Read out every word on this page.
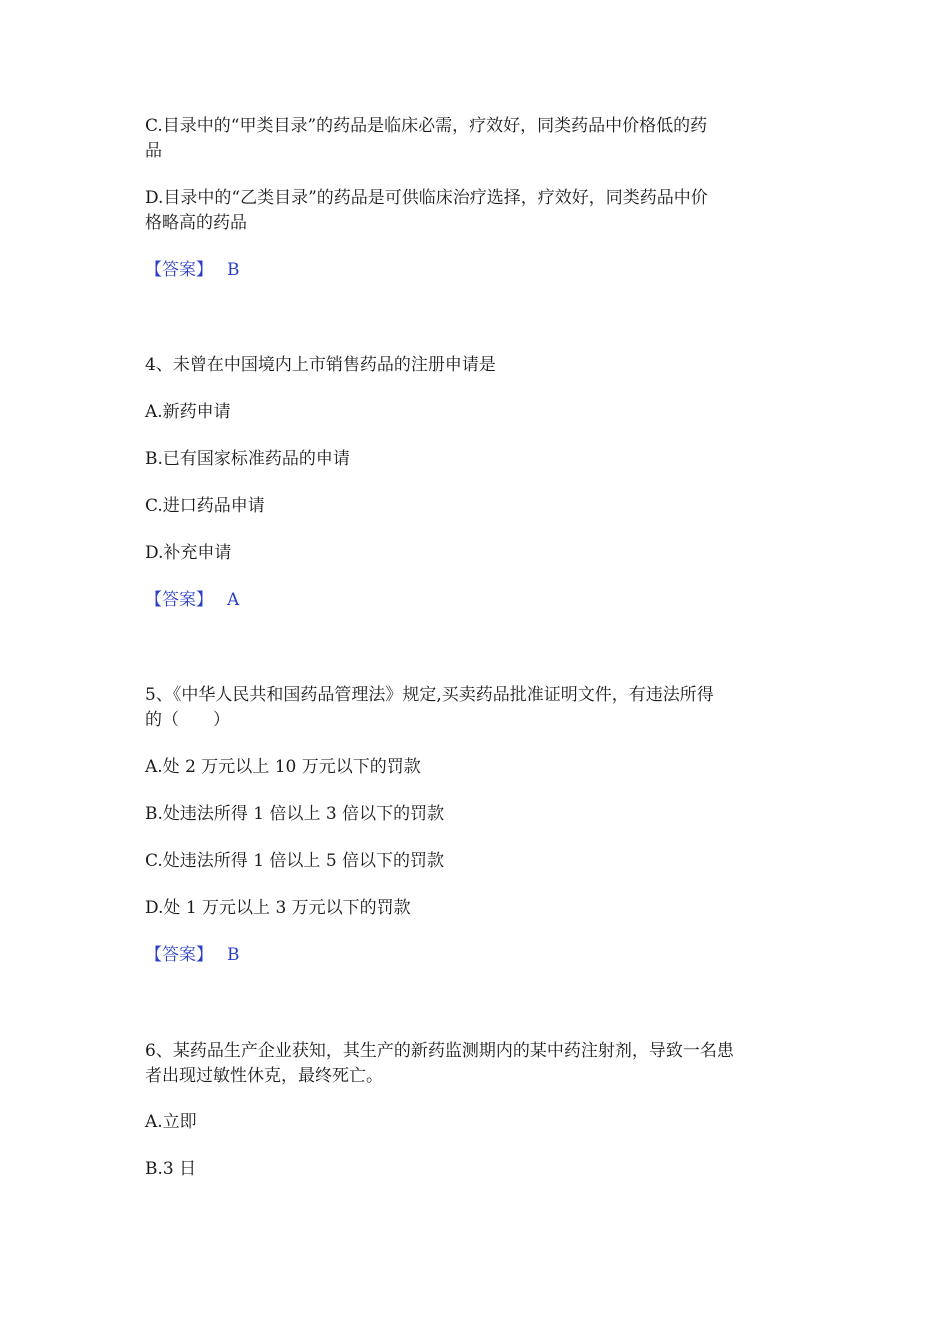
C.目录中的“甲类目录”的药品是临床必需，疗效好，同类药品中价格低的药
品
D.目录中的“乙类目录”的药品是可供临床治疗选择，疗效好，同类药品中价
格略高的药品
【答案】 B
4、未曾在中国境内上市销售药品的注册申请是
A.新药申请
B.已有国家标准药品的申请
C.进口药品申请
D.补充申请
【答案】 A
5、《中华人民共和国药品管理法》规定,买卖药品批准证明文件，有违法所得
的（　　）
A.处 2 万元以上 10 万元以下的罚款
B.处违法所得 1 倍以上 3 倍以下的罚款
C.处违法所得 1 倍以上 5 倍以下的罚款
D.处 1 万元以上 3 万元以下的罚款
【答案】 B
6、某药品生产企业获知，其生产的新药监测期内的某中药注射剂，导致一名患
者出现过敏性休克，最终死亡。
A.立即
B.3 日
